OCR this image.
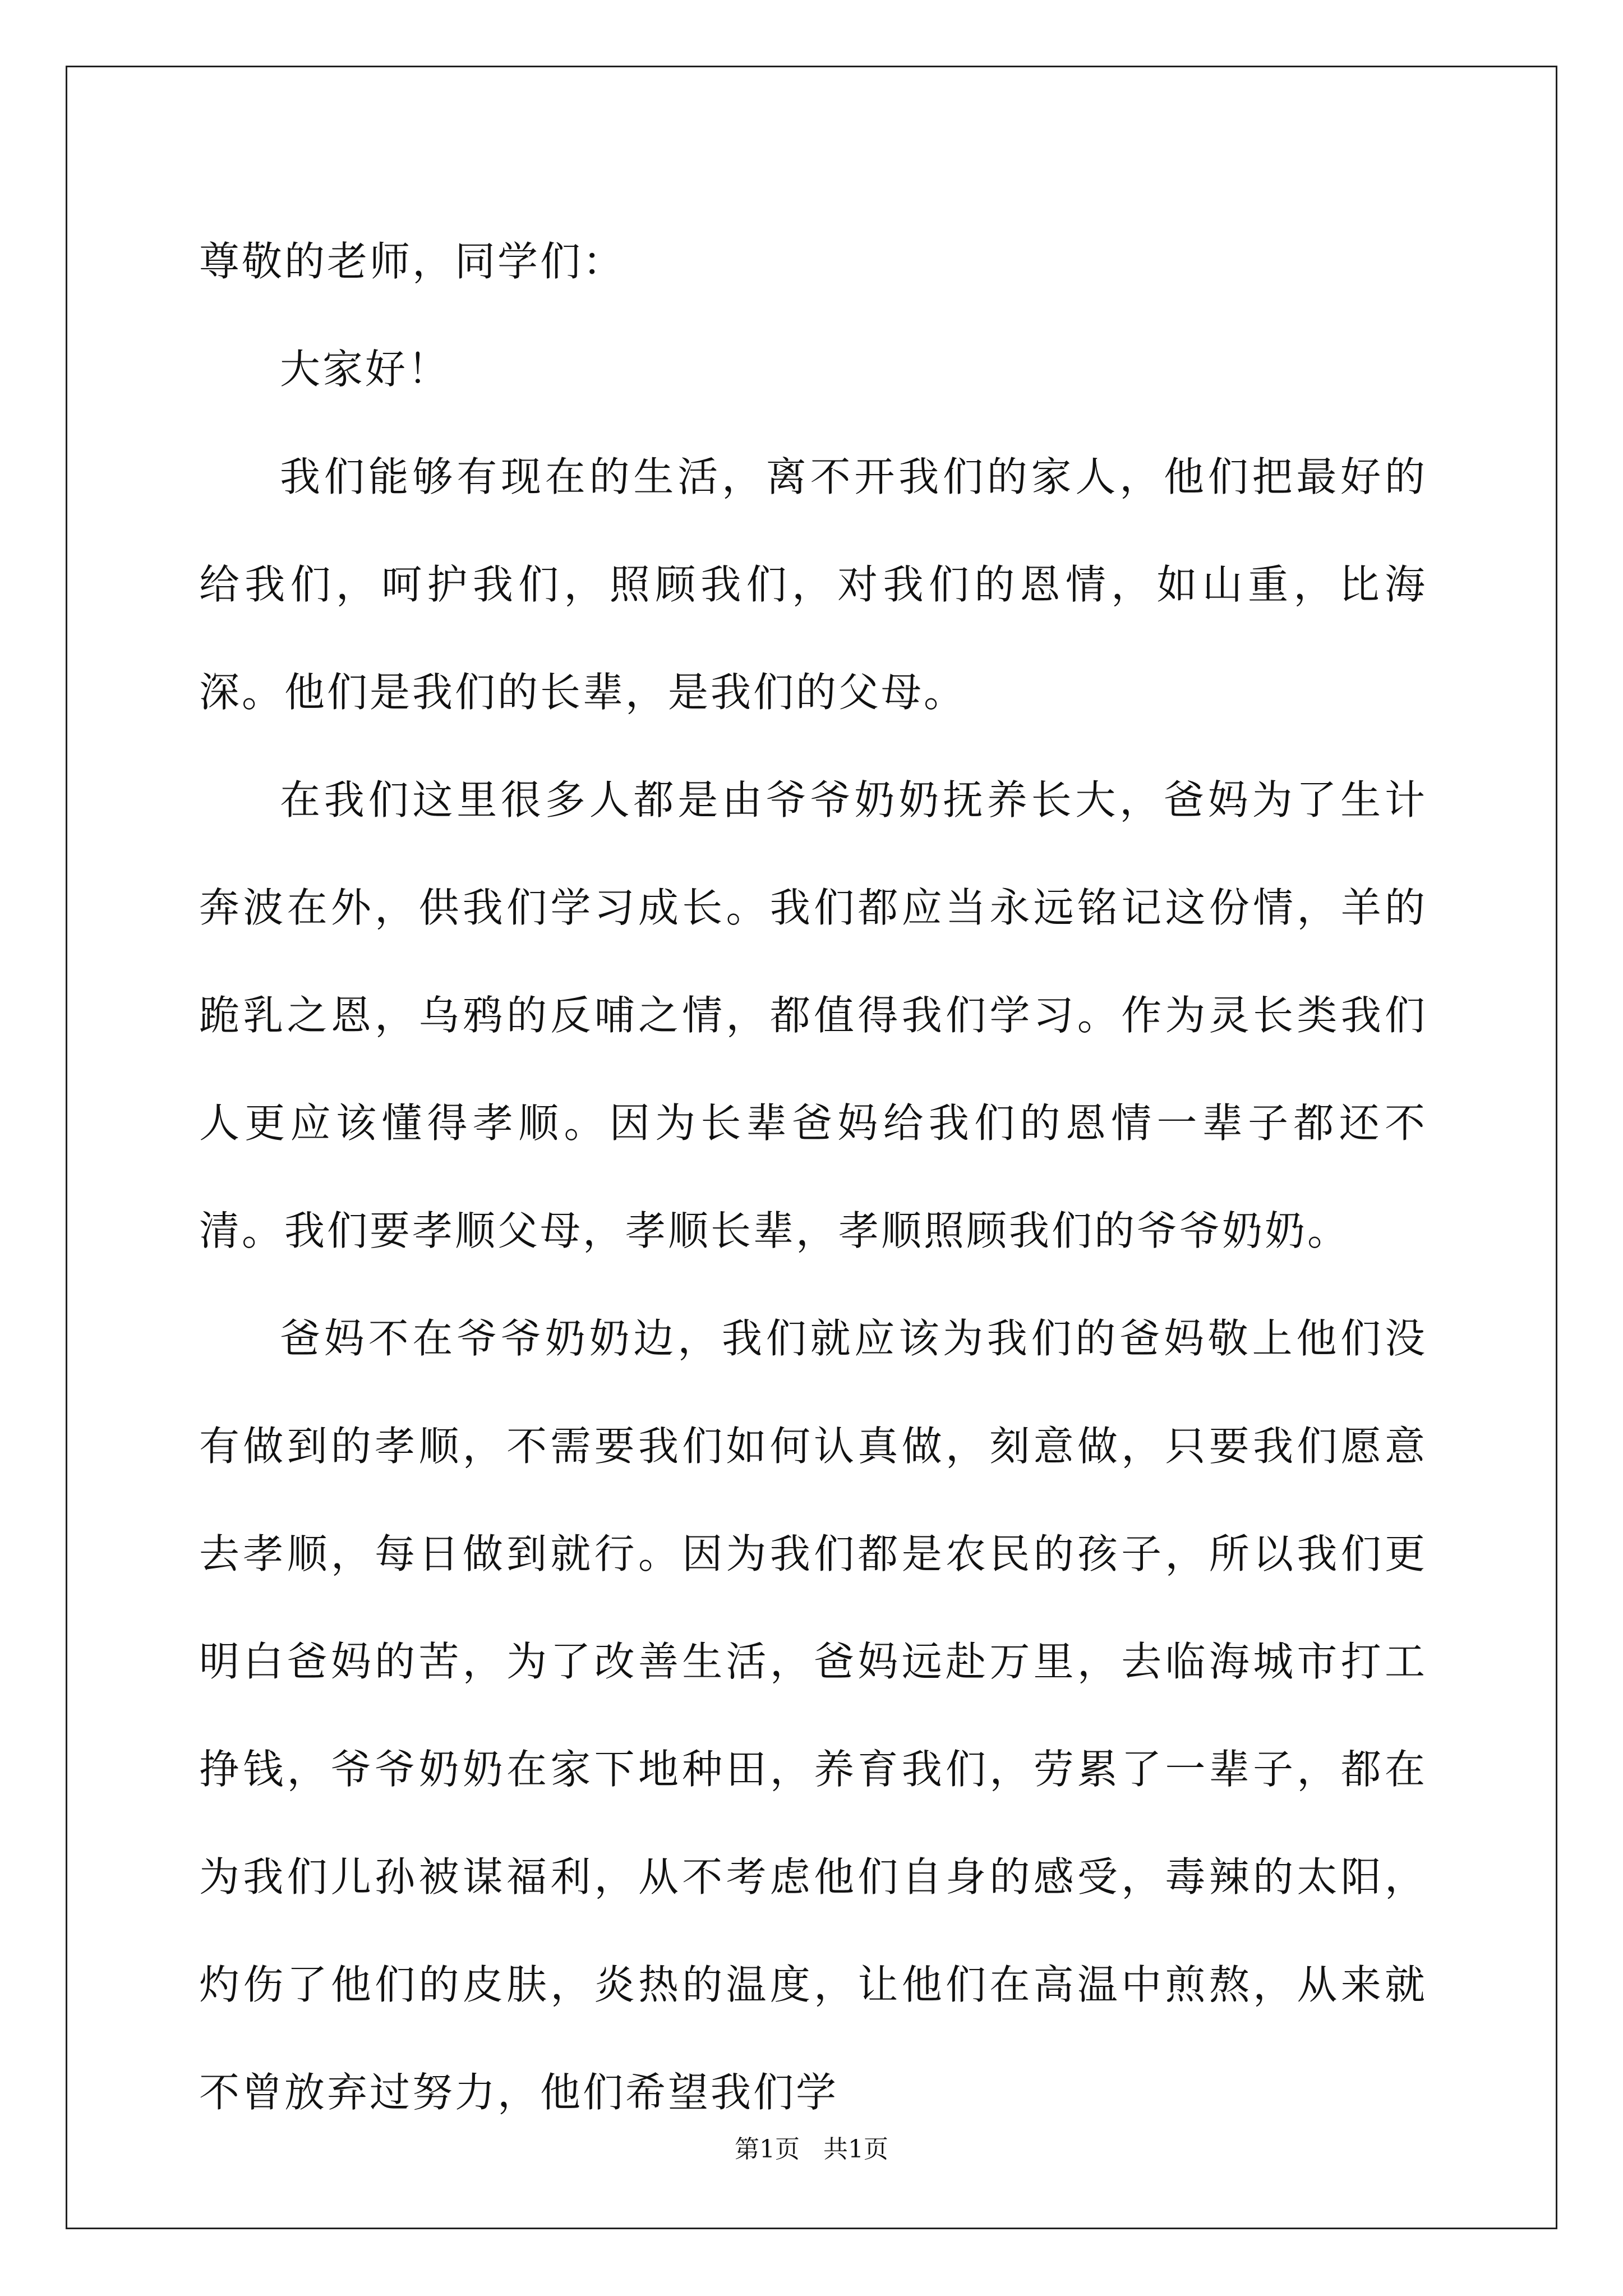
尊敬的老师，同学们：

大家好！

我们能够有现在的生活，离不开我们的家人，他们把最好的给我们，呵护我们，照顾我们，对我们的恩情，如山重，比海深。他们是我们的长辈，是我们的父母。

在我们这里很多人都是由爷爷奶奶抚养长大，爸妈为了生计奔波在外，供我们学习成长。我们都应当永远铭记这份情，羊的跪乳之恩，乌鸦的反哺之情，都值得我们学习。作为灵长类我们人更应该懂得孝顺。因为长辈爸妈给我们的恩情一辈子都还不清。我们要孝顺父母，孝顺长辈，孝顺照顾我们的爷爷奶奶。

爸妈不在爷爷奶奶边，我们就应该为我们的爸妈敬上他们没有做到的孝顺，不需要我们如何认真做，刻意做，只要我们愿意去孝顺，每日做到就行。因为我们都是农民的孩子，所以我们更明白爸妈的苦，为了改善生活，爸妈远赴万里，去临海城市打工挣钱，爷爷奶奶在家下地种田，养育我们，劳累了一辈子，都在为我们儿孙被谋福利，从不考虑他们自身的感受，毒辣的太阳，灼伤了他们的皮肤，炎热的温度，让他们在高温中煎熬，从来就不曾放弃过努力，他们希望我们学

第1页 共1页
